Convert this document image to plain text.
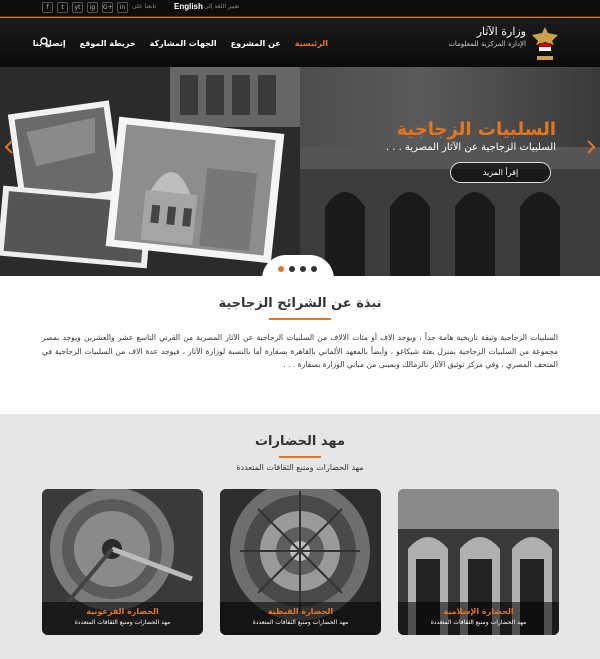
f	t	yt	ig	G+	in	تابعنا على English تغيير اللغة إلى
الرئيسية
عن المشروع
الجهات المشاركة
خريطة الموقع
إتصل بنا
وزارة الآثار
الإدارة المركزية للمعلومات
السلبيات الزجاجية
السلبيات الزجاجية عن الآثار المصرية . . .
إقرأ المزيد
نبذة عن الشرائح الزجاجية
السلبيات الزجاجية وثيقة تاريخية هامة جداً ، ويوجد الاف أو مئات الالاف من السلبيات الزجاجية عن الآثار المصرية من القرني التاسع عشر والعشرين ويوجد بمصر مجموعة من السلبيات الزجاجية بمنزل بعثة شيكاغو ، وأيضاً بالمعهد الألماني بالقاهرة بسقارة أما بالنسبة لوزارة الآثار ، فيوجد عدة الاف من السلبيات الزجاجية في المتحف المصري ، وفي مركز توثيق الآثار بالزمالك وبمبنى من مباني الوزارة بسقارة . . .
مهد الحضارات
مهد الحضارات ومنبع الثقافات المتعددة
الحضارة الفرعونية
مهد الحضارات ومنبع الثقافات المتعددة
الحضارة القبطية
مهد الحضارات ومنبع الثقافات المتعددة
الحضارة الإسلامية
مهد الحضارات ومنبع الثقافات المتعددة
